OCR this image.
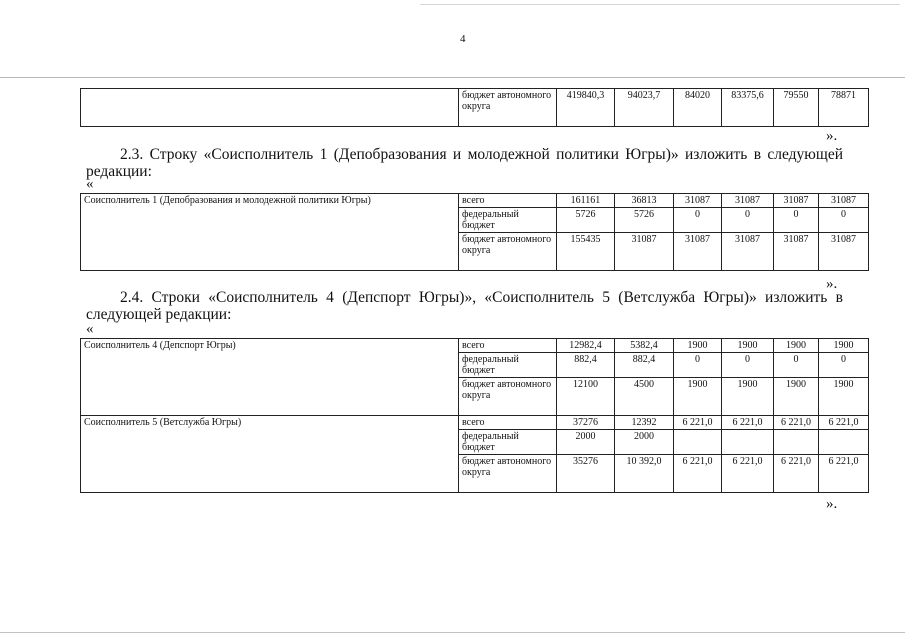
4
	бюджет автономного округа	419840,3	94023,7	84020	83375,6	79550	78871
».
2.3. Строку «Соисполнитель 1 (Депобразования и молодежной политики Югры)» изложить в следующей редакции:
«
Соисполнитель 1 (Депобразования и молодежной политики Югры)	всего	161161	36813	31087	31087	31087	31087
	федеральный бюджет	5726	5726	0	0	0	0
	бюджет автономного округа	155435	31087	31087	31087	31087	31087
».
2.4. Строки «Соисполнитель 4 (Депспорт Югры)», «Соисполнитель 5 (Ветслужба Югры)» изложить в следующей редакции:
«
Соисполнитель 4 (Депспорт Югры)	всего	12982,4	5382,4	1900	1900	1900	1900
	федеральный бюджет	882,4	882,4	0	0	0	0
	бюджет автономного округа	12100	4500	1900	1900	1900	1900
Соисполнитель 5 (Ветслужба Югры)	всего	37276	12392	6 221,0	6 221,0	6 221,0	6 221,0
	федеральный бюджет	2000	2000				
	бюджет автономного округа	35276	10 392,0	6 221,0	6 221,0	6 221,0	6 221,0
».
